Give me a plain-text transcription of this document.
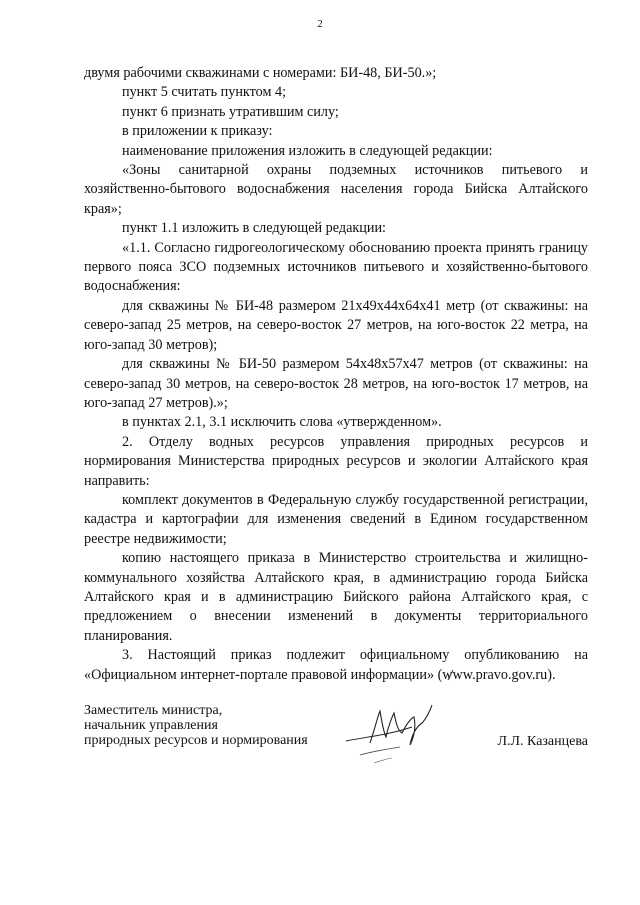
2

двумя рабочими скважинами с номерами: БИ-48, БИ-50.»;

пункт 5 считать пунктом 4;

пункт 6 признать утратившим силу;

в приложении к приказу:

наименование приложения изложить в следующей редакции:

«Зоны санитарной охраны подземных источников питьевого и хозяйственно-бытового водоснабжения населения города Бийска Алтайского края»;

пункт 1.1 изложить в следующей редакции:

«1.1. Согласно гидрогеологическому обоснованию проекта принять границу первого пояса ЗСО подземных источников питьевого и хозяйственно-бытового водоснабжения:

для скважины № БИ-48 размером 21х49х44х64х41 метр (от скважины: на северо-запад 25 метров, на северо-восток 27 метров, на юго-восток 22 метра, на юго-запад 30 метров);

для скважины № БИ-50 размером 54х48х57х47 метров (от скважины: на северо-запад 30 метров, на северо-восток 28 метров, на юго-восток 17 метров, на юго-запад 27 метров).»;

в пунктах 2.1, 3.1 исключить слова «утвержденном».

2. Отделу водных ресурсов управления природных ресурсов и нормирования Министерства природных ресурсов и экологии Алтайского края направить:

комплект документов в Федеральную службу государственной регистрации, кадастра и картографии для изменения сведений в Едином государственном реестре недвижимости;

копию настоящего приказа в Министерство строительства и жилищно-коммунального хозяйства Алтайского края, в администрацию города Бийска Алтайского края и в администрацию Бийского района Алтайского края, с предложением о внесении изменений в документы территориального планирования.

3. Настоящий приказ подлежит официальному опубликованию на «Официальном интернет-портале правовой информации» (www.pravo.gov.ru).

Заместитель министра,
начальник управления
природных ресурсов и нормирования	Л.Л. Казанцева
